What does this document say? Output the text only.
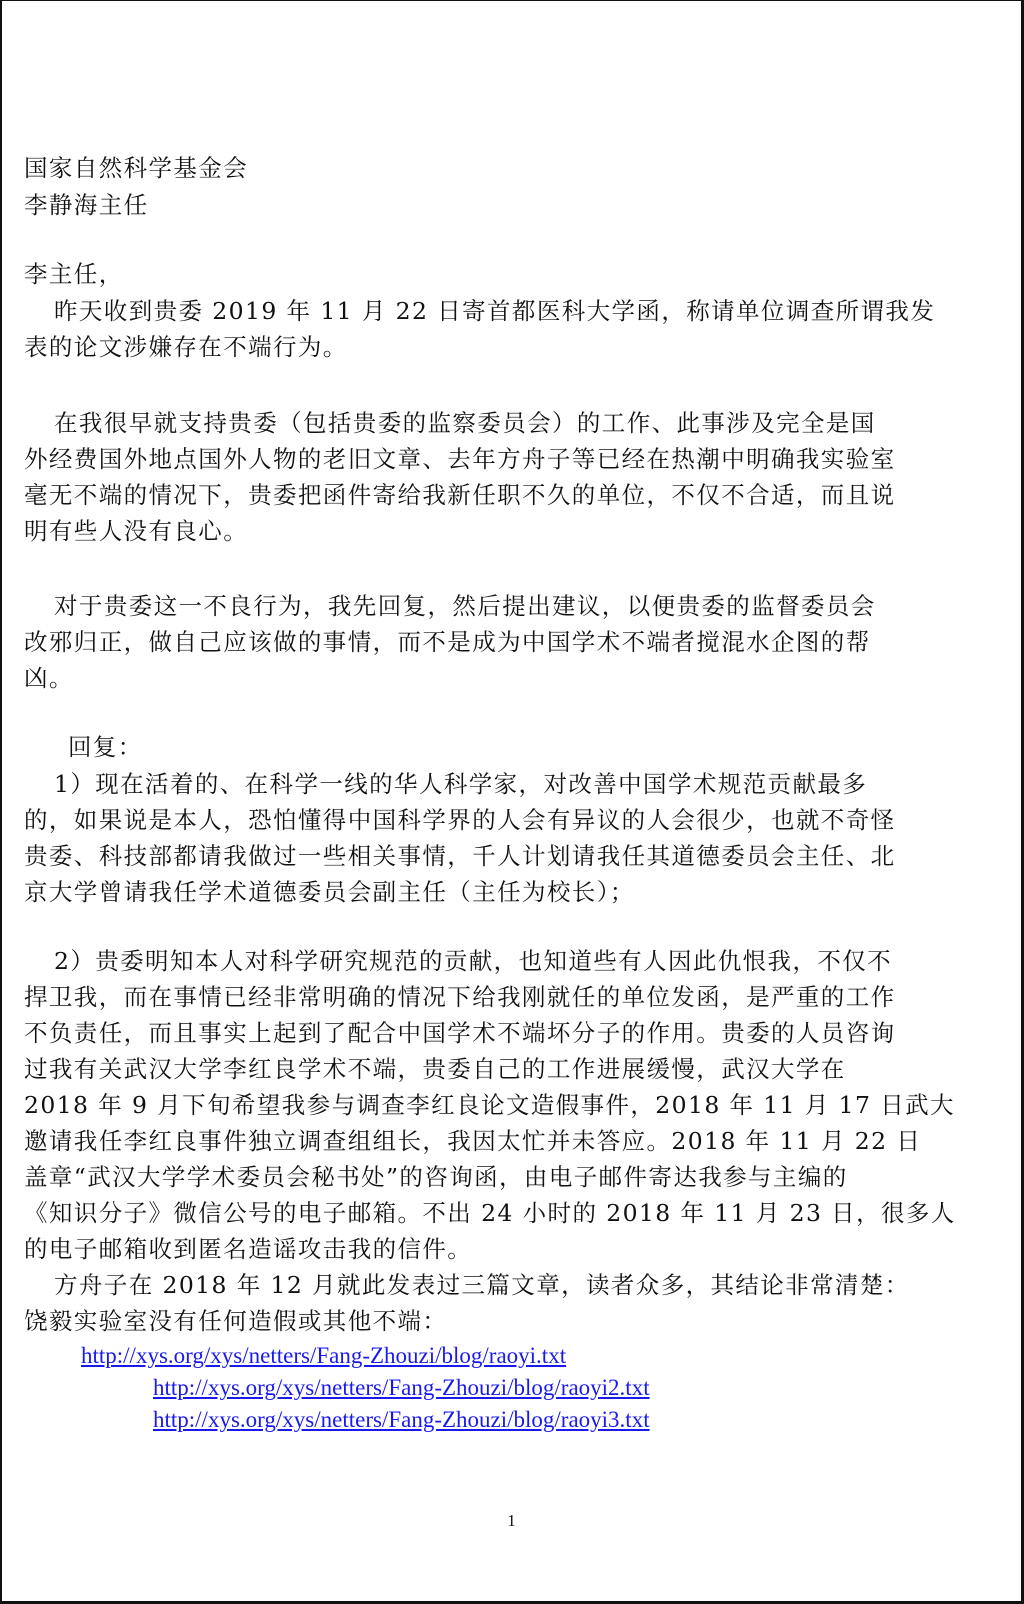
国家自然科学基金会
李静海主任
李主任，
昨天收到贵委 2019 年 11 月 22 日寄首都医科大学函，称请单位调查所谓我发
表的论文涉嫌存在不端行为。
在我很早就支持贵委（包括贵委的监察委员会）的工作、此事涉及完全是国
外经费国外地点国外人物的老旧文章、去年方舟子等已经在热潮中明确我实验室
毫无不端的情况下，贵委把函件寄给我新任职不久的单位，不仅不合适，而且说
明有些人没有良心。
对于贵委这一不良行为，我先回复，然后提出建议，以便贵委的监督委员会
改邪归正，做自己应该做的事情，而不是成为中国学术不端者搅混水企图的帮
凶。
回复：
1）现在活着的、在科学一线的华人科学家，对改善中国学术规范贡献最多
的，如果说是本人，恐怕懂得中国科学界的人会有异议的人会很少，也就不奇怪
贵委、科技部都请我做过一些相关事情，千人计划请我任其道德委员会主任、北
京大学曾请我任学术道德委员会副主任（主任为校长）；
2）贵委明知本人对科学研究规范的贡献，也知道些有人因此仇恨我，不仅不
捍卫我，而在事情已经非常明确的情况下给我刚就任的单位发函，是严重的工作
不负责任，而且事实上起到了配合中国学术不端坏分子的作用。贵委的人员咨询
过我有关武汉大学李红良学术不端，贵委自己的工作进展缓慢，武汉大学在
2018 年 9 月下旬希望我参与调查李红良论文造假事件，2018 年 11 月 17 日武大
邀请我任李红良事件独立调查组组长，我因太忙并未答应。2018 年 11 月 22 日
盖章“武汉大学学术委员会秘书处”的咨询函，由电子邮件寄达我参与主编的
《知识分子》微信公号的电子邮箱。不出 24 小时的 2018 年 11 月 23 日，很多人
的电子邮箱收到匿名造谣攻击我的信件。
方舟子在 2018 年 12 月就此发表过三篇文章，读者众多，其结论非常清楚：
饶毅实验室没有任何造假或其他不端：
http://xys.org/xys/netters/Fang-Zhouzi/blog/raoyi.txt
http://xys.org/xys/netters/Fang-Zhouzi/blog/raoyi2.txt
http://xys.org/xys/netters/Fang-Zhouzi/blog/raoyi3.txt
1
